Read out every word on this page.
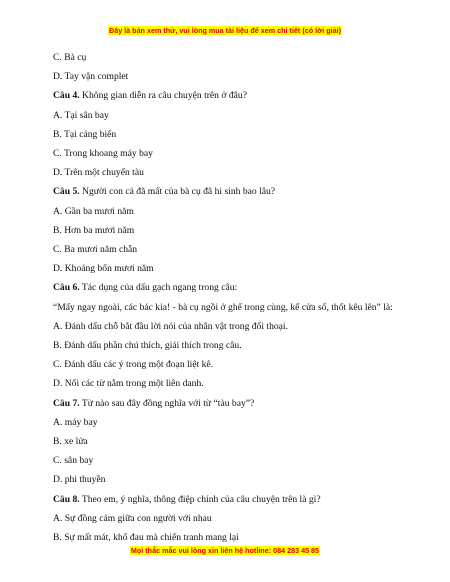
Đây là bản xem thử, vui lòng mua tài liệu để xem chi tiết (có lời giải)
C. Bà cụ
D. Tay vận complet
Câu 4. Không gian diễn ra câu chuyện trên ở đâu?
A. Tại sân bay
B. Tại cảng biển
C. Trong khoang máy bay
D. Trên một chuyến tàu
Câu 5. Người con cả đã mất của bà cụ đã hi sinh bao lâu?
A. Gần ba mươi năm
B. Hơn ba mươi năm
C. Ba mươi năm chẵn
D. Khoảng bốn mươi năm
Câu 6. Tác dụng của dấu gạch ngang trong câu:
“Mấy ngay ngoài, các bác kia! - bà cụ ngồi ở ghế trong cùng, kế cửa sổ, thốt kêu lên” là:
A. Đánh dấu chỗ bắt đầu lời nói của nhân vật trong đối thoại.
B. Đánh dấu phần chú thích, giải thích trong câu.
C. Đánh dấu các ý trong một đoạn liệt kê.
D. Nối các từ nằm trong một liên danh.
Câu 7. Từ nào sau đây đồng nghĩa với từ “tàu bay”?
A. máy bay
B. xe lửa
C. sân bay
D. phi thuyền
Câu 8. Theo em, ý nghĩa, thông điệp chính của câu chuyện trên là gì?
A. Sự đồng cảm giữa con người với nhau
B. Sự mất mát, khổ đau mà chiến tranh mang lại
Mọi thắc mắc vui lòng xin liên hệ hotline: 084 283 45 85
